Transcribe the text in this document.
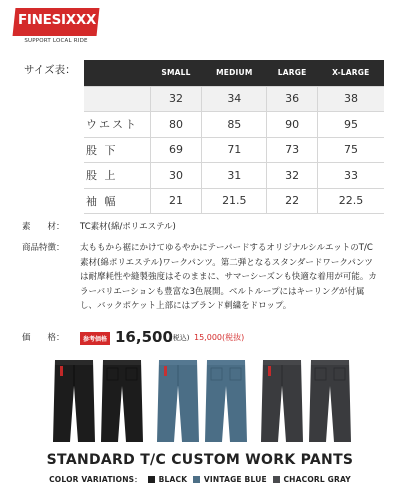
FINESIXXX
SUPPORT LOCAL RIDE
サイズ表：
		SMALL	MEDIUM	LARGE	X-LARGE
	32	34	36	38
ウエスト	80	85	90	95
股 下	69	71	73	75
股 上	30	31	32	33
袖 幅	21	21.5	22	22.5
素　　材：	TC素材(綿/ポリエステル)
商品特徴：	太ももから裾にかけてゆるやかにテーパードするオリジナルシルエットのT/C素材(綿ポリエステル)ワークパンツ。第二弾となるスタンダードワークパンツは耐摩耗性や縫製強度はそのままに、サマーシーズンも快適な着用が可能。カラーバリエーションも豊富な3色展開。ベルトループにはキーリングが付属し、バックポケット上部にはブランド刺繍をドロップ。
価　　格：	参考価格 16,500
(税込) 15,000(税抜)
STANDARD T/C CUSTOM WORK PANTS
COLOR VARIATIONS： BLACK VINTAGE BLUE CHACORL GRAY
